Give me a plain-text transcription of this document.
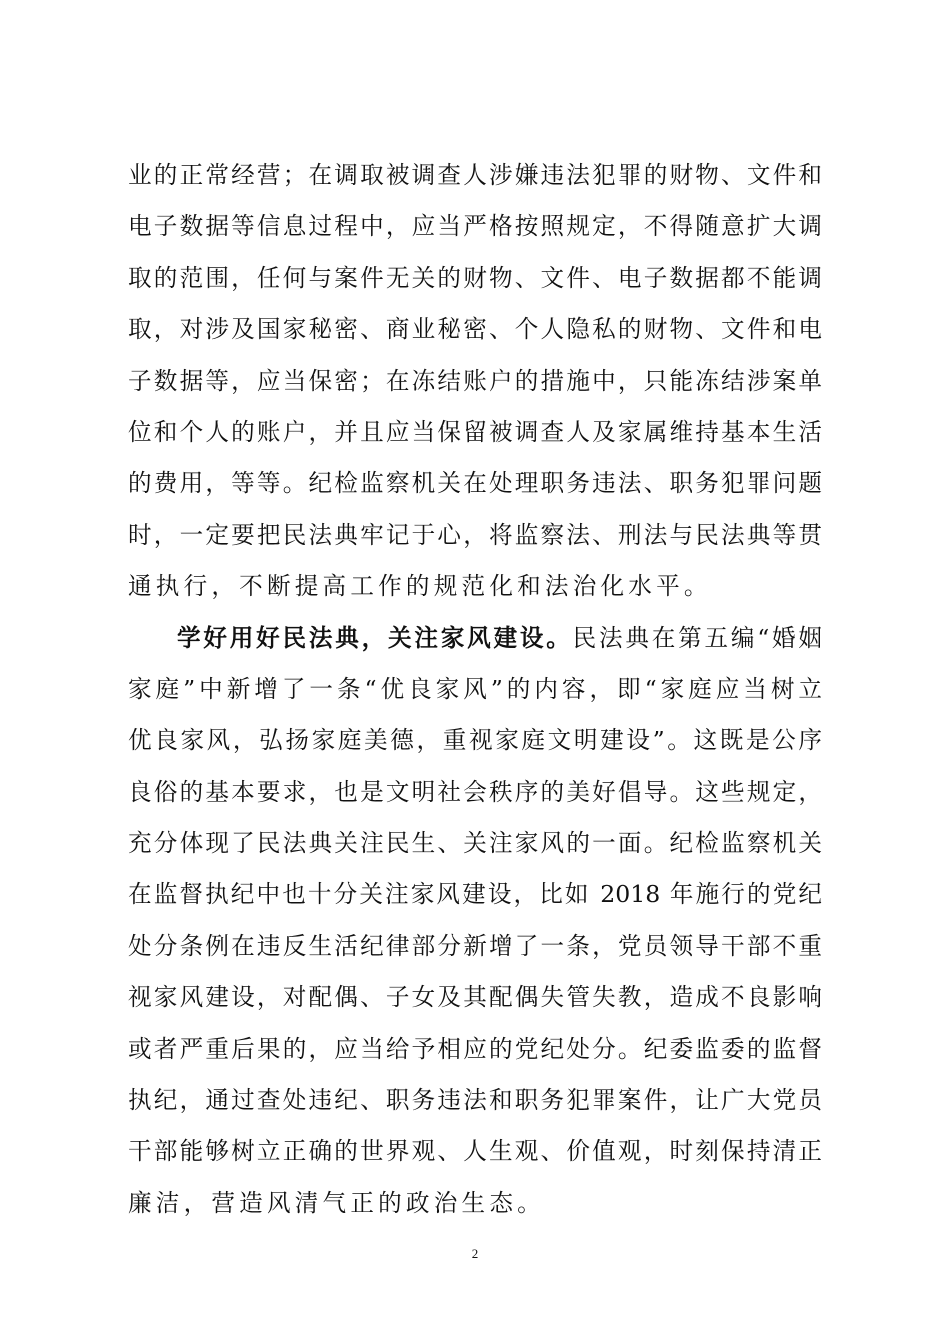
业的正常经营；在调取被调查人涉嫌违法犯罪的财物、文件和
电子数据等信息过程中，应当严格按照规定，不得随意扩大调
取的范围，任何与案件无关的财物、文件、电子数据都不能调
取，对涉及国家秘密、商业秘密、个人隐私的财物、文件和电
子数据等，应当保密；在冻结账户的措施中，只能冻结涉案单
位和个人的账户，并且应当保留被调查人及家属维持基本生活
的费用，等等。纪检监察机关在处理职务违法、职务犯罪问题
时，一定要把民法典牢记于心，将监察法、刑法与民法典等贯
通执行，不断提高工作的规范化和法治化水平。
学好用好民法典，关注家风建设。民法典在第五编“婚姻
家庭”中新增了一条“优良家风”的内容，即“家庭应当树立
优良家风，弘扬家庭美德，重视家庭文明建设”。这既是公序
良俗的基本要求，也是文明社会秩序的美好倡导。这些规定，
充分体现了民法典关注民生、关注家风的一面。纪检监察机关
在监督执纪中也十分关注家风建设，比如 2018 年施行的党纪
处分条例在违反生活纪律部分新增了一条，党员领导干部不重
视家风建设，对配偶、子女及其配偶失管失教，造成不良影响
或者严重后果的，应当给予相应的党纪处分。纪委监委的监督
执纪，通过查处违纪、职务违法和职务犯罪案件，让广大党员
干部能够树立正确的世界观、人生观、价值观，时刻保持清正
廉洁，营造风清气正的政治生态。
2
